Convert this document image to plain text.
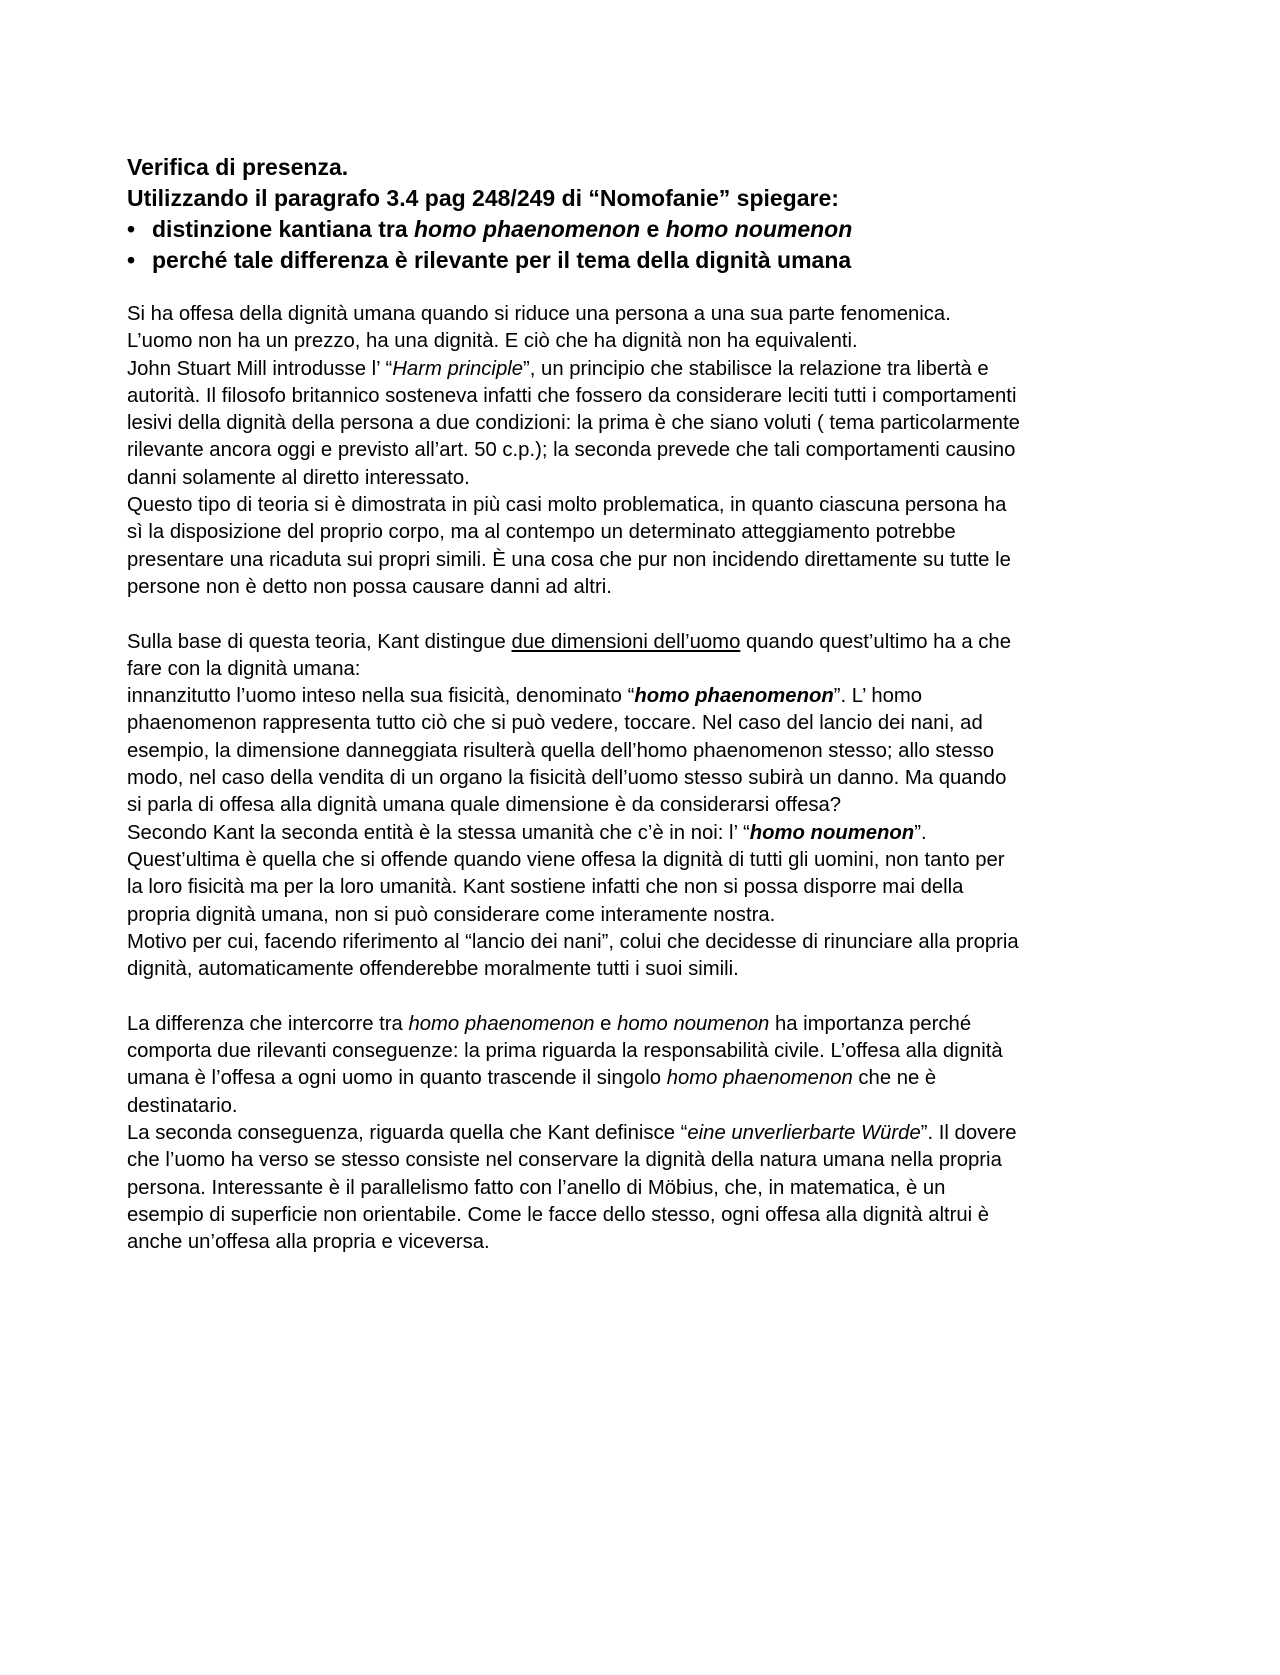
Verifica di presenza.
Utilizzando il paragrafo 3.4 pag 248/249 di “Nomofanie” spiegare:
• distinzione kantiana tra homo phaenomenon e homo noumenon
• perché tale differenza è rilevante per il tema della dignità umana
Si ha offesa della dignità umana quando si riduce una persona a una sua parte fenomenica.
L’uomo non ha un prezzo, ha una dignità. E ciò che ha dignità non ha equivalenti.
John Stuart Mill introdusse l’ “Harm principle”, un principio che stabilisce la relazione tra libertà e
autorità. Il filosofo britannico sosteneva infatti che fossero da considerare leciti tutti i comportamenti
lesivi della dignità della persona a due condizioni: la prima è che siano voluti ( tema particolarmente
rilevante ancora oggi e previsto all’art. 50 c.p.); la seconda prevede che tali comportamenti causino
danni solamente al diretto interessato.
Questo tipo di teoria si è dimostrata in più casi molto problematica, in quanto ciascuna persona ha
sì la disposizione del proprio corpo, ma al contempo un determinato atteggiamento potrebbe
presentare una ricaduta sui propri simili. È una cosa che pur non incidendo direttamente su tutte le
persone non è detto non possa causare danni ad altri.
Sulla base di questa teoria, Kant distingue due dimensioni dell’uomo quando quest’ultimo ha a che
fare con la dignità umana:
innanzitutto l’uomo inteso nella sua fisicità, denominato “homo phaenomenon”. L’ homo
phaenomenon rappresenta tutto ciò che si può vedere, toccare. Nel caso del lancio dei nani, ad
esempio, la dimensione danneggiata risulterà quella dell’homo phaenomenon stesso; allo stesso
modo, nel caso della vendita di un organo la fisicità dell’uomo stesso subirà un danno. Ma quando
si parla di offesa alla dignità umana quale dimensione è da considerarsi offesa?
Secondo Kant la seconda entità è la stessa umanità che c’è in noi: l’ “homo noumenon”.
Quest’ultima è quella che si offende quando viene offesa la dignità di tutti gli uomini, non tanto per
la loro fisicità ma per la loro umanità. Kant sostiene infatti che non si possa disporre mai della
propria dignità umana, non si può considerare come interamente nostra.
Motivo per cui, facendo riferimento al “lancio dei nani”, colui che decidesse di rinunciare alla propria
dignità, automaticamente offenderebbe moralmente tutti i suoi simili.
La differenza che intercorre tra homo phaenomenon e homo noumenon ha importanza perché
comporta due rilevanti conseguenze: la prima riguarda la responsabilità civile. L’offesa alla dignità
umana è l’offesa a ogni uomo in quanto trascende il singolo homo phaenomenon che ne è
destinatario.
La seconda conseguenza, riguarda quella che Kant definisce “eine unverlierbarte Würde”. Il dovere
che l’uomo ha verso se stesso consiste nel conservare la dignità della natura umana nella propria
persona. Interessante è il parallelismo fatto con l’anello di Möbius, che, in matematica, è un
esempio di superficie non orientabile. Come le facce dello stesso, ogni offesa alla dignità altrui è
anche un’offesa alla propria e viceversa.
